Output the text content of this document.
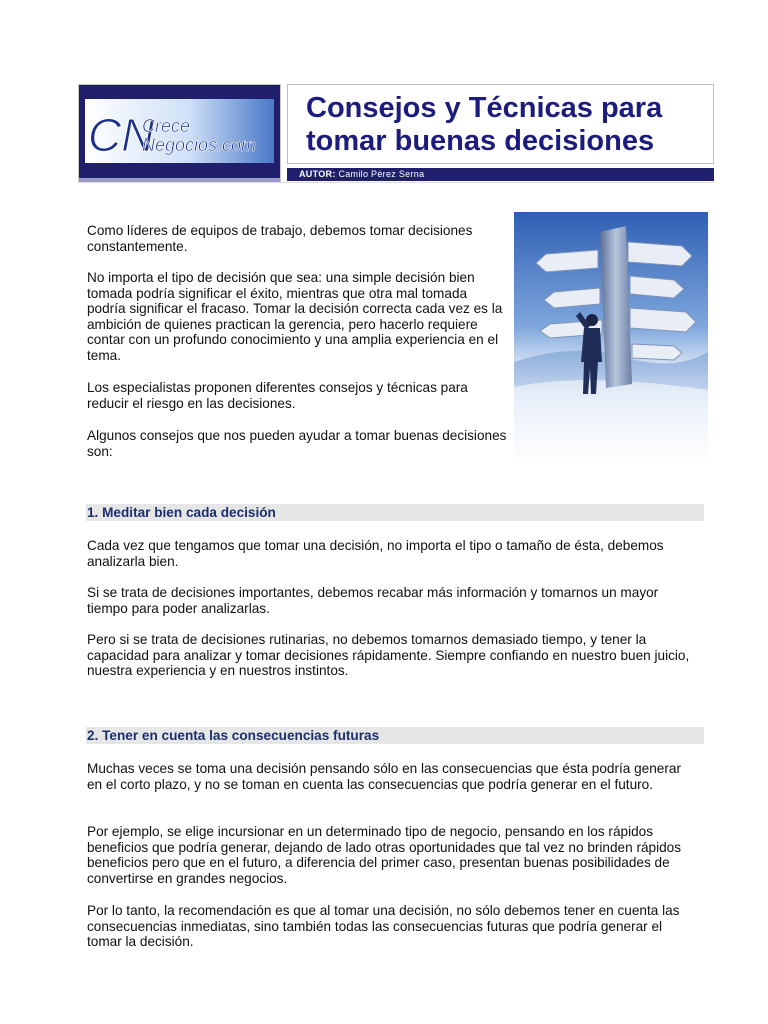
CN
Crece
Negocios.com
Consejos y Técnicas para
tomar buenas decisiones
AUTOR: Camilo Pérez Serna

Como líderes de equipos de trabajo, debemos tomar decisiones constantemente.

No importa el tipo de decisión que sea: una simple decisión bien tomada podría significar el éxito, mientras que otra mal tomada podría significar el fracaso. Tomar la decisión correcta cada vez es la ambición de quienes practican la gerencia, pero hacerlo requiere contar con un profundo conocimiento y una amplia experiencia en el tema.

Los especialistas proponen diferentes consejos y técnicas para reducir el riesgo en las decisiones.

Algunos consejos que nos pueden ayudar a tomar buenas decisiones son:

1. Meditar bien cada decisión

Cada vez que tengamos que tomar una decisión, no importa el tipo o tamaño de ésta, debemos analizarla bien.

Si se trata de decisiones importantes, debemos recabar más información y tomarnos un mayor tiempo para poder analizarlas.

Pero si se trata de decisiones rutinarias, no debemos tomarnos demasiado tiempo, y tener la capacidad para analizar y tomar decisiones rápidamente. Siempre confiando en nuestro buen juicio, nuestra experiencia y en nuestros instintos.

2. Tener en cuenta las consecuencias futuras

Muchas veces se toma una decisión pensando sólo en las consecuencias que ésta podría generar en el corto plazo, y no se toman en cuenta las consecuencias que podría generar en el futuro.

Por ejemplo, se elige incursionar en un determinado tipo de negocio, pensando en los rápidos beneficios que podría generar, dejando de lado otras oportunidades que tal vez no brinden rápidos beneficios pero que en el futuro, a diferencia del primer caso, presentan buenas posibilidades de convertirse en grandes negocios.

Por lo tanto, la recomendación es que al tomar una decisión, no sólo debemos tener en cuenta las consecuencias inmediatas, sino también todas las consecuencias futuras que podría generar el tomar la decisión.
